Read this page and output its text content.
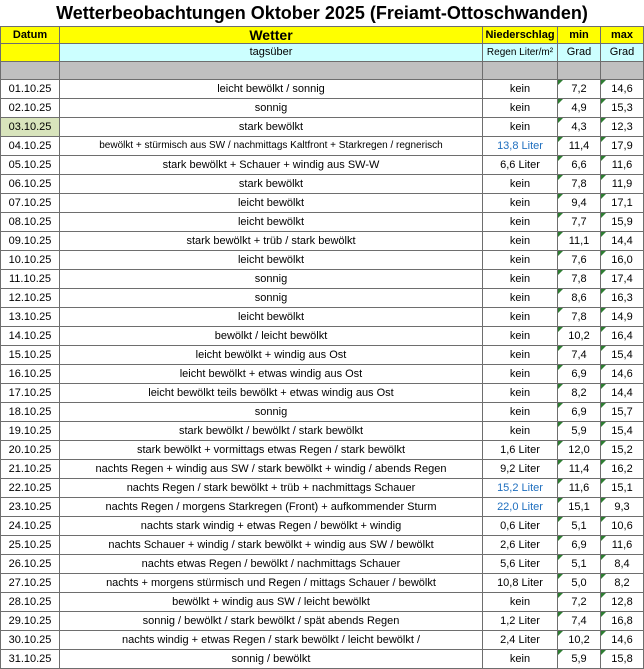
Wetterbeobachtungen Oktober 2025 (Freiamt-Ottoschwanden)
Datum	Wetter	Niederschlag	min	max
	tagsüber	Regen Liter/m²	Grad	Grad

01.10.25	leicht bewölkt / sonnig	kein	7,2	14,6
02.10.25	sonnig	kein	4,9	15,3
03.10.25	stark bewölkt	kein	4,3	12,3
04.10.25	bewölkt + stürmisch aus SW / nachmittags Kaltfront + Starkregen / regnerisch	13,8 Liter	11,4	17,9
05.10.25	stark bewölkt + Schauer + windig aus SW-W	6,6 Liter	6,6	11,6
06.10.25	stark bewölkt	kein	7,8	11,9
07.10.25	leicht bewölkt	kein	9,4	17,1
08.10.25	leicht bewölkt	kein	7,7	15,9
09.10.25	stark bewölkt + trüb / stark bewölkt	kein	11,1	14,4
10.10.25	leicht bewölkt	kein	7,6	16,0
11.10.25	sonnig	kein	7,8	17,4
12.10.25	sonnig	kein	8,6	16,3
13.10.25	leicht bewölkt	kein	7,8	14,9
14.10.25	bewölkt / leicht bewölkt	kein	10,2	16,4
15.10.25	leicht bewölkt + windig aus Ost	kein	7,4	15,4
16.10.25	leicht bewölkt + etwas windig aus Ost	kein	6,9	14,6
17.10.25	leicht bewölkt teils bewölkt + etwas windig aus Ost	kein	8,2	14,4
18.10.25	sonnig	kein	6,9	15,7
19.10.25	stark bewölkt / bewölkt / stark bewölkt	kein	5,9	15,4
20.10.25	stark bewölkt + vormittags etwas Regen / stark bewölkt	1,6 Liter	12,0	15,2
21.10.25	nachts Regen + windig aus SW / stark bewölkt + windig / abends Regen	9,2 Liter	11,4	16,2
22.10.25	nachts Regen / stark bewölkt + trüb + nachmittags Schauer	15,2 Liter	11,6	15,1
23.10.25	nachts Regen / morgens Starkregen (Front) + aufkommender Sturm	22,0 Liter	15,1	9,3
24.10.25	nachts stark windig + etwas Regen / bewölkt + windig	0,6 Liter	5,1	10,6
25.10.25	nachts Schauer + windig / stark bewölkt + windig aus SW / bewölkt	2,6 Liter	6,9	11,6
26.10.25	nachts etwas Regen / bewölkt / nachmittags Schauer	5,6 Liter	5,1	8,4
27.10.25	nachts + morgens stürmisch und Regen / mittags Schauer / bewölkt	10,8 Liter	5,0	8,2
28.10.25	bewölkt + windig aus SW / leicht bewölkt	kein	7,2	12,8
29.10.25	sonnig / bewölkt / stark bewölkt / spät abends Regen	1,2 Liter	7,4	16,8
30.10.25	nachts windig + etwas Regen / stark bewölkt / leicht bewölkt /	2,4 Liter	10,2	14,6
31.10.25	sonnig / bewölkt	kein	5,9	15,8
